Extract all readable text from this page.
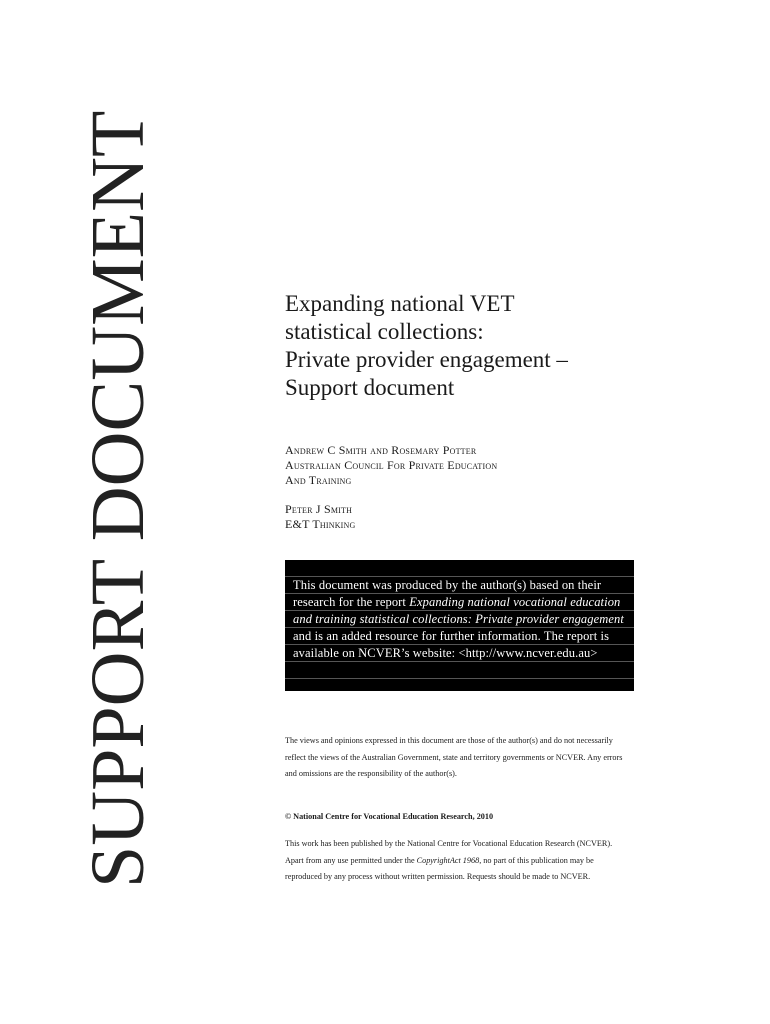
SUPPORT DOCUMENT	Expanding national VET
statistical collections:
Private provider engagement –
Support document
Andrew C Smith and Rosemary Potter
Australian Council For Private Education
And Training
Peter J Smith
E&T Thinking
This document was produced by the author(s) based on their research for the report Expanding national vocational education and training statistical collections: Private provider engagement and is an added resource for further information. The report is available on NCVER’s website: <http://www.ncver.edu.au>

The views and opinions expressed in this document are those of the author(s) and do not necessarily reflect the views of the Australian Government, state and territory governments or NCVER. Any errors and omissions are the responsibility of the author(s).

© National Centre for Vocational Education Research, 2010

This work has been published by the National Centre for Vocational Education Research (NCVER). Apart from any use permitted under the CopyrightAct 1968, no part of this publication may be reproduced by any process without written permission. Requests should be made to NCVER.
